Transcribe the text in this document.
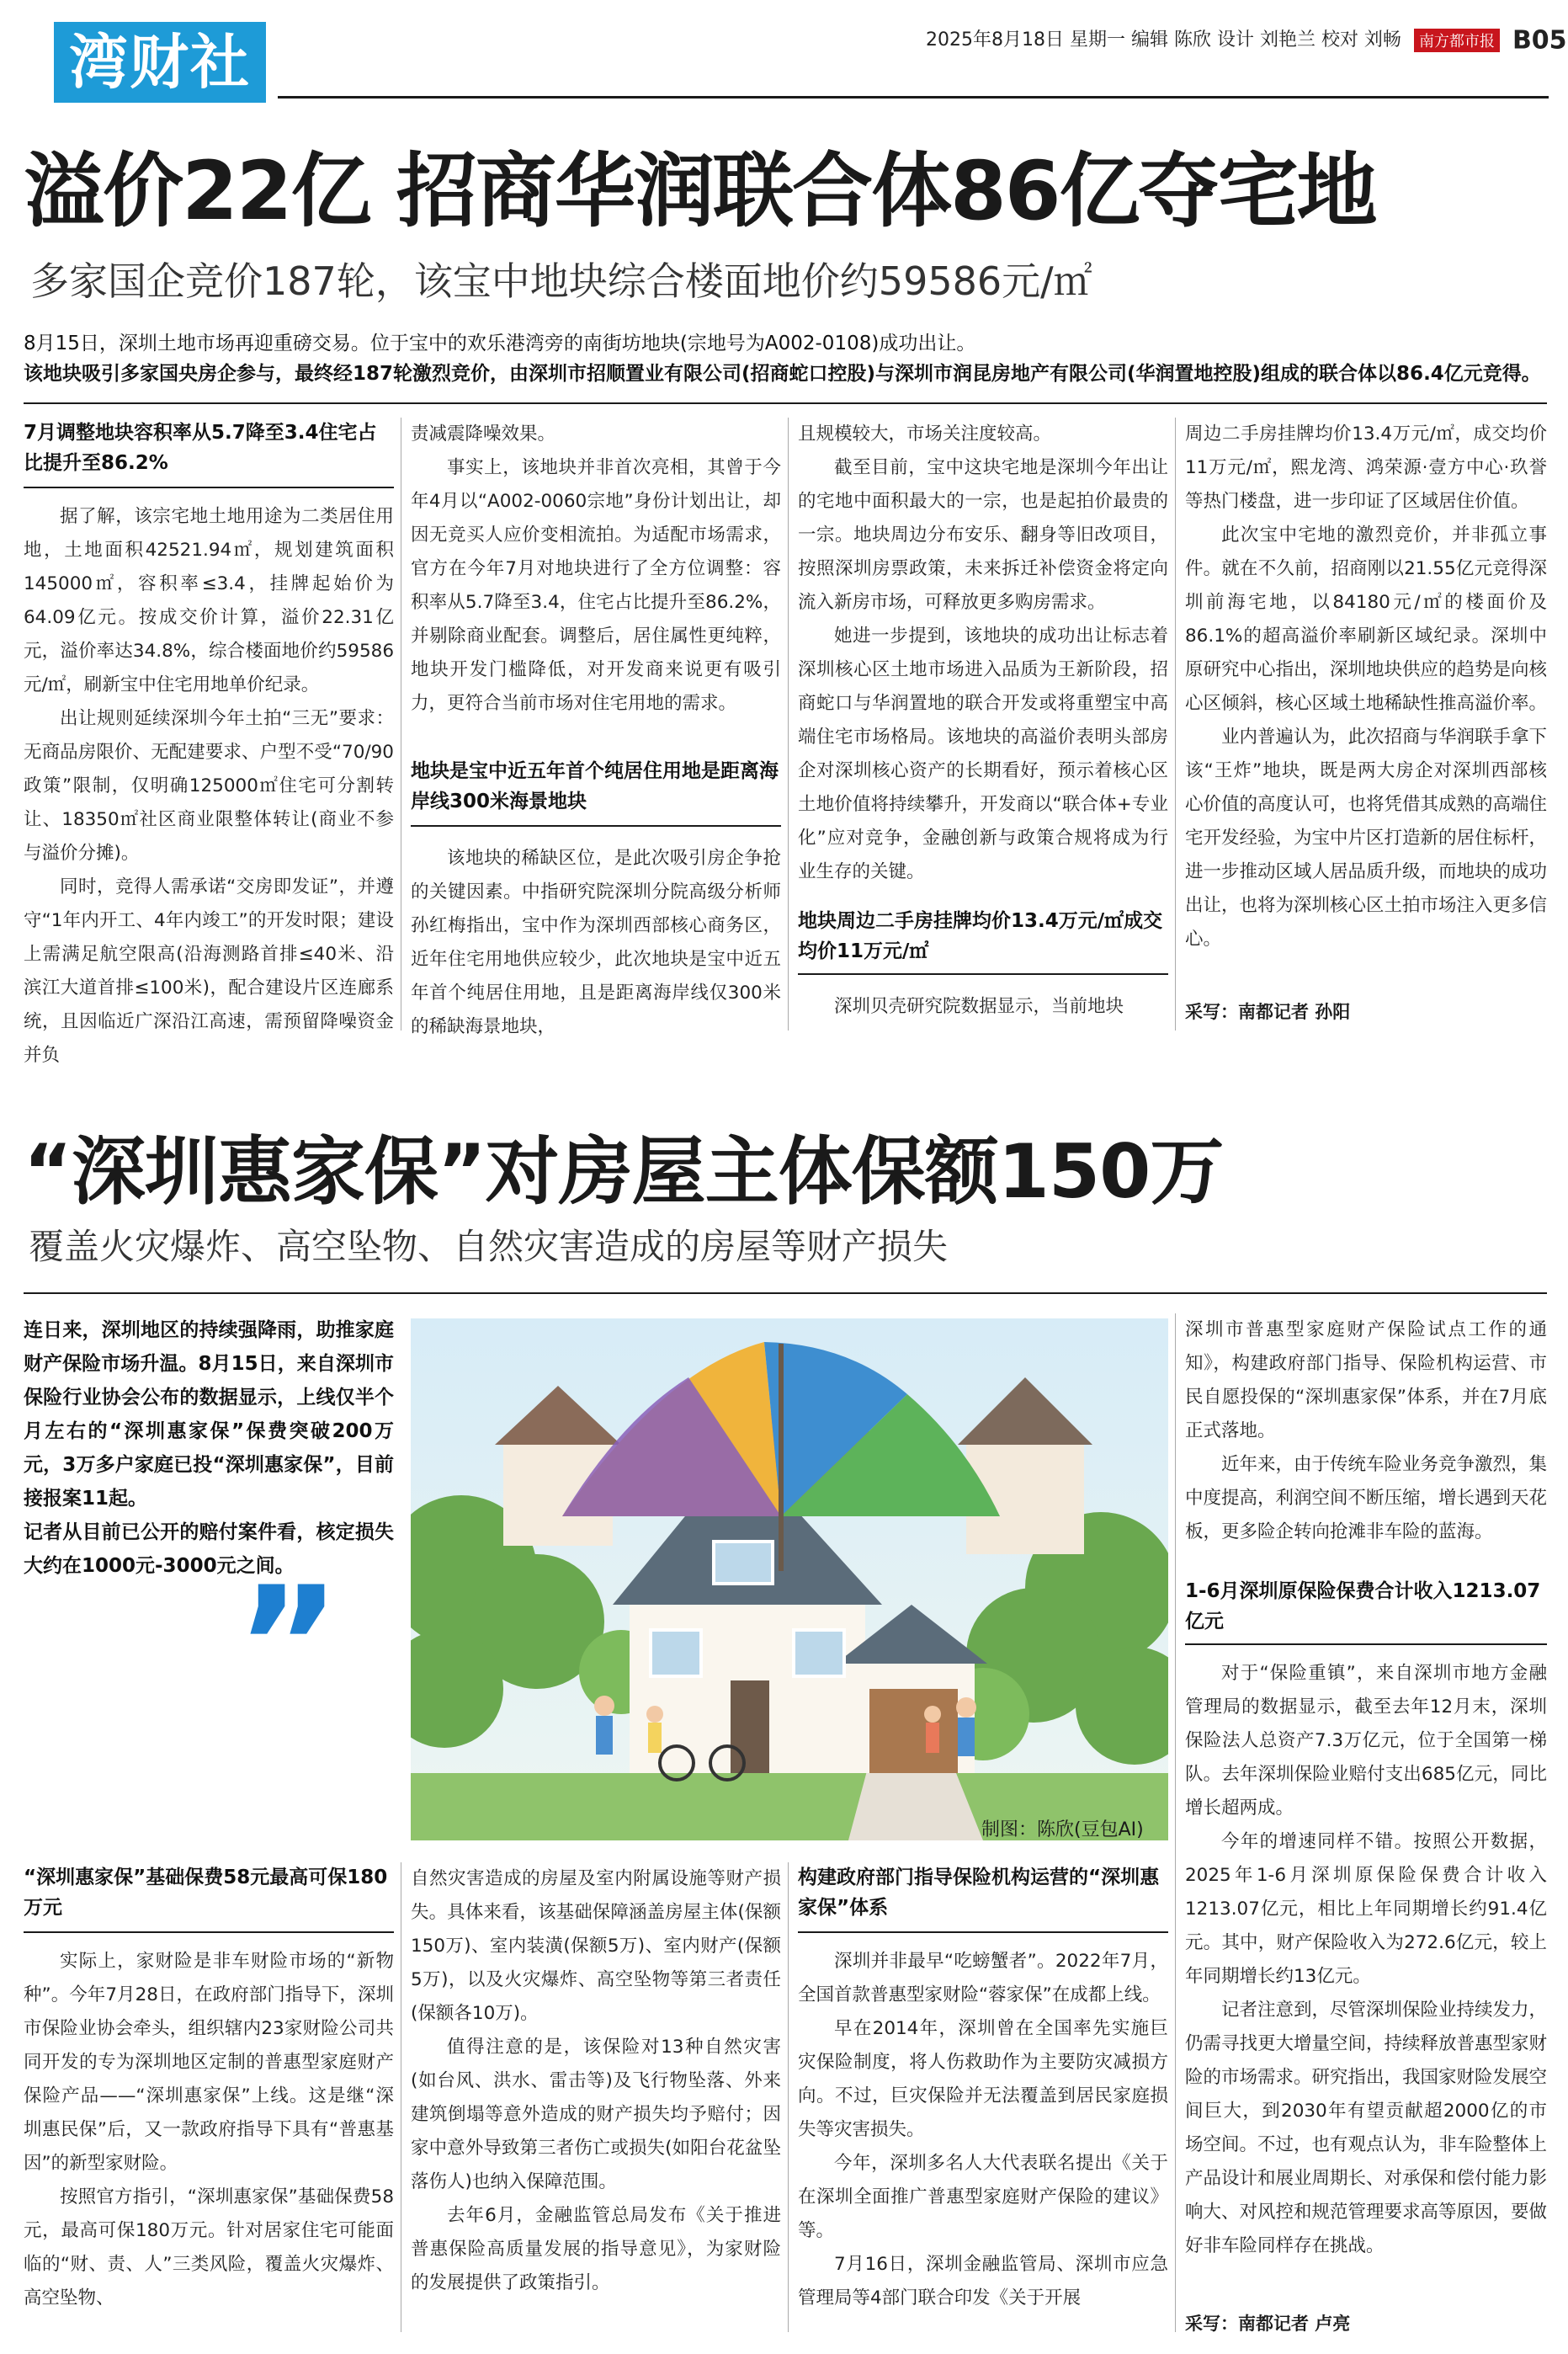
湾财社	2025年8月18日 星期一 编辑 陈欣 设计 刘艳兰 校对 刘畅 南方都市报 B05
溢价22亿 招商华润联合体86亿夺宅地
多家国企竞价187轮，该宝中地块综合楼面地价约59586元/㎡
8月15日，深圳土地市场再迎重磅交易。位于宝中的欢乐港湾旁的南街坊地块(宗地号为A002-0108)成功出让。
该地块吸引多家国央房企参与，最终经187轮激烈竞价，由深圳市招顺置业有限公司(招商蛇口控股)与深圳市润昆房地产有限公司(华润置地控股)组成的联合体以86.4亿元竞得。
7月调整地块容积率从5.7降至3.4住宅占比提升至86.2%

据了解，该宗宅地土地用途为二类居住用地，土地面积42521.94㎡，规划建筑面积145000㎡，容积率≤3.4，挂牌起始价为64.09亿元。按成交价计算，溢价22.31亿元，溢价率达34.8%，综合楼面地价约59586元/㎡，刷新宝中住宅用地单价纪录。

出让规则延续深圳今年土拍“三无”要求：无商品房限价、无配建要求、户型不受“70/90政策”限制，仅明确125000㎡住宅可分割转让、18350㎡社区商业限整体转让(商业不参与溢价分摊)。

同时，竞得人需承诺“交房即发证”，并遵守“1年内开工、4年内竣工”的开发时限；建设上需满足航空限高(沿海测路首排≤40米、沿滨江大道首排≤100米)，配合建设片区连廊系统，且因临近广深沿江高速，需预留降噪资金并负

责减震降噪效果。

事实上，该地块并非首次亮相，其曾于今年4月以“A002-0060宗地”身份计划出让，却因无竞买人应价变相流拍。为适配市场需求，官方在今年7月对地块进行了全方位调整：容积率从5.7降至3.4，住宅占比提升至86.2%，并剔除商业配套。调整后，居住属性更纯粹，地块开发门槛降低，对开发商来说更有吸引力，更符合当前市场对住宅用地的需求。

地块是宝中近五年首个纯居住用地是距离海岸线300米海景地块

该地块的稀缺区位，是此次吸引房企争抢的关键因素。中指研究院深圳分院高级分析师孙红梅指出，宝中作为深圳西部核心商务区，近年住宅用地供应较少，此次地块是宝中近五年首个纯居住用地，且是距离海岸线仅300米的稀缺海景地块，

且规模较大，市场关注度较高。

截至目前，宝中这块宅地是深圳今年出让的宅地中面积最大的一宗，也是起拍价最贵的一宗。地块周边分布安乐、翻身等旧改项目，按照深圳房票政策，未来拆迁补偿资金将定向流入新房市场，可释放更多购房需求。

她进一步提到，该地块的成功出让标志着深圳核心区土地市场进入品质为王新阶段，招商蛇口与华润置地的联合开发或将重塑宝中高端住宅市场格局。该地块的高溢价表明头部房企对深圳核心资产的长期看好，预示着核心区土地价值将持续攀升，开发商以“联合体+专业化”应对竞争，金融创新与政策合规将成为行业生存的关键。

地块周边二手房挂牌均价13.4万元/㎡成交均价11万元/㎡

深圳贝壳研究院数据显示，当前地块

周边二手房挂牌均价13.4万元/㎡，成交均价11万元/㎡，熙龙湾、鸿荣源·壹方中心·玖誉等热门楼盘，进一步印证了区域居住价值。

此次宝中宅地的激烈竞价，并非孤立事件。就在不久前，招商刚以21.55亿元竞得深圳前海宅地，以84180元/㎡的楼面价及86.1%的超高溢价率刷新区域纪录。深圳中原研究中心指出，深圳地块供应的趋势是向核心区倾斜，核心区域土地稀缺性推高溢价率。

业内普遍认为，此次招商与华润联手拿下该“王炸”地块，既是两大房企对深圳西部核心价值的高度认可，也将凭借其成熟的高端住宅开发经验，为宝中片区打造新的居住标杆，进一步推动区域人居品质升级，而地块的成功出让，也将为深圳核心区土拍市场注入更多信心。

采写：南都记者 孙阳
“深圳惠家保”对房屋主体保额150万
覆盖火灾爆炸、高空坠物、自然灾害造成的房屋等财产损失
连日来，深圳地区的持续强降雨，助推家庭财产保险市场升温。8月15日，来自深圳市保险行业协会公布的数据显示，上线仅半个月左右的“深圳惠家保”保费突破200万元，3万多户家庭已投“深圳惠家保”，目前接报案11起。
记者从目前已公开的赔付案件看，核定损失大约在1000元-3000元之间。
”
制图：陈欣(豆包AI)

深圳市普惠型家庭财产保险试点工作的通知》，构建政府部门指导、保险机构运营、市民自愿投保的“深圳惠家保”体系，并在7月底正式落地。

近年来，由于传统车险业务竞争激烈，集中度提高，利润空间不断压缩，增长遇到天花板，更多险企转向抢滩非车险的蓝海。

1-6月深圳原保险保费合计收入1213.07亿元

对于“保险重镇”，来自深圳市地方金融管理局的数据显示，截至去年12月末，深圳保险法人总资产7.3万亿元，位于全国第一梯队。去年深圳保险业赔付支出685亿元，同比增长超两成。

今年的增速同样不错。按照公开数据，2025年1-6月深圳原保险保费合计收入1213.07亿元，相比上年同期增长约91.4亿元。其中，财产保险收入为272.6亿元，较上年同期增长约13亿元。

记者注意到，尽管深圳保险业持续发力，仍需寻找更大增量空间，持续释放普惠型家财险的市场需求。研究指出，我国家财险发展空间巨大，到2030年有望贡献超2000亿的市场空间。不过，也有观点认为，非车险整体上产品设计和展业周期长、对承保和偿付能力影响大、对风控和规范管理要求高等原因，要做好非车险同样存在挑战。

采写：南都记者 卢亮
“深圳惠家保”基础保费58元最高可保180万元

实际上，家财险是非车财险市场的“新物种”。今年7月28日，在政府部门指导下，深圳市保险业协会牵头，组织辖内23家财险公司共同开发的专为深圳地区定制的普惠型家庭财产保险产品——“深圳惠家保”上线。这是继“深圳惠民保”后，又一款政府指导下具有“普惠基因”的新型家财险。

按照官方指引，“深圳惠家保”基础保费58元，最高可保180万元。针对居家住宅可能面临的“财、责、人”三类风险，覆盖火灾爆炸、高空坠物、

自然灾害造成的房屋及室内附属设施等财产损失。具体来看，该基础保障涵盖房屋主体(保额150万)、室内装潢(保额5万)、室内财产(保额5万)，以及火灾爆炸、高空坠物等第三者责任(保额各10万)。

值得注意的是，该保险对13种自然灾害(如台风、洪水、雷击等)及飞行物坠落、外来建筑倒塌等意外造成的财产损失均予赔付；因家中意外导致第三者伤亡或损失(如阳台花盆坠落伤人)也纳入保障范围。

去年6月，金融监管总局发布《关于推进普惠保险高质量发展的指导意见》，为家财险的发展提供了政策指引。

构建政府部门指导保险机构运营的“深圳惠家保”体系

深圳并非最早“吃螃蟹者”。2022年7月，全国首款普惠型家财险“蓉家保”在成都上线。

早在2014年，深圳曾在全国率先实施巨灾保险制度，将人伤救助作为主要防灾减损方向。不过，巨灾保险并无法覆盖到居民家庭损失等灾害损失。

今年，深圳多名人大代表联名提出《关于在深圳全面推广普惠型家庭财产保险的建议》等。

7月16日，深圳金融监管局、深圳市应急管理局等4部门联合印发《关于开展
